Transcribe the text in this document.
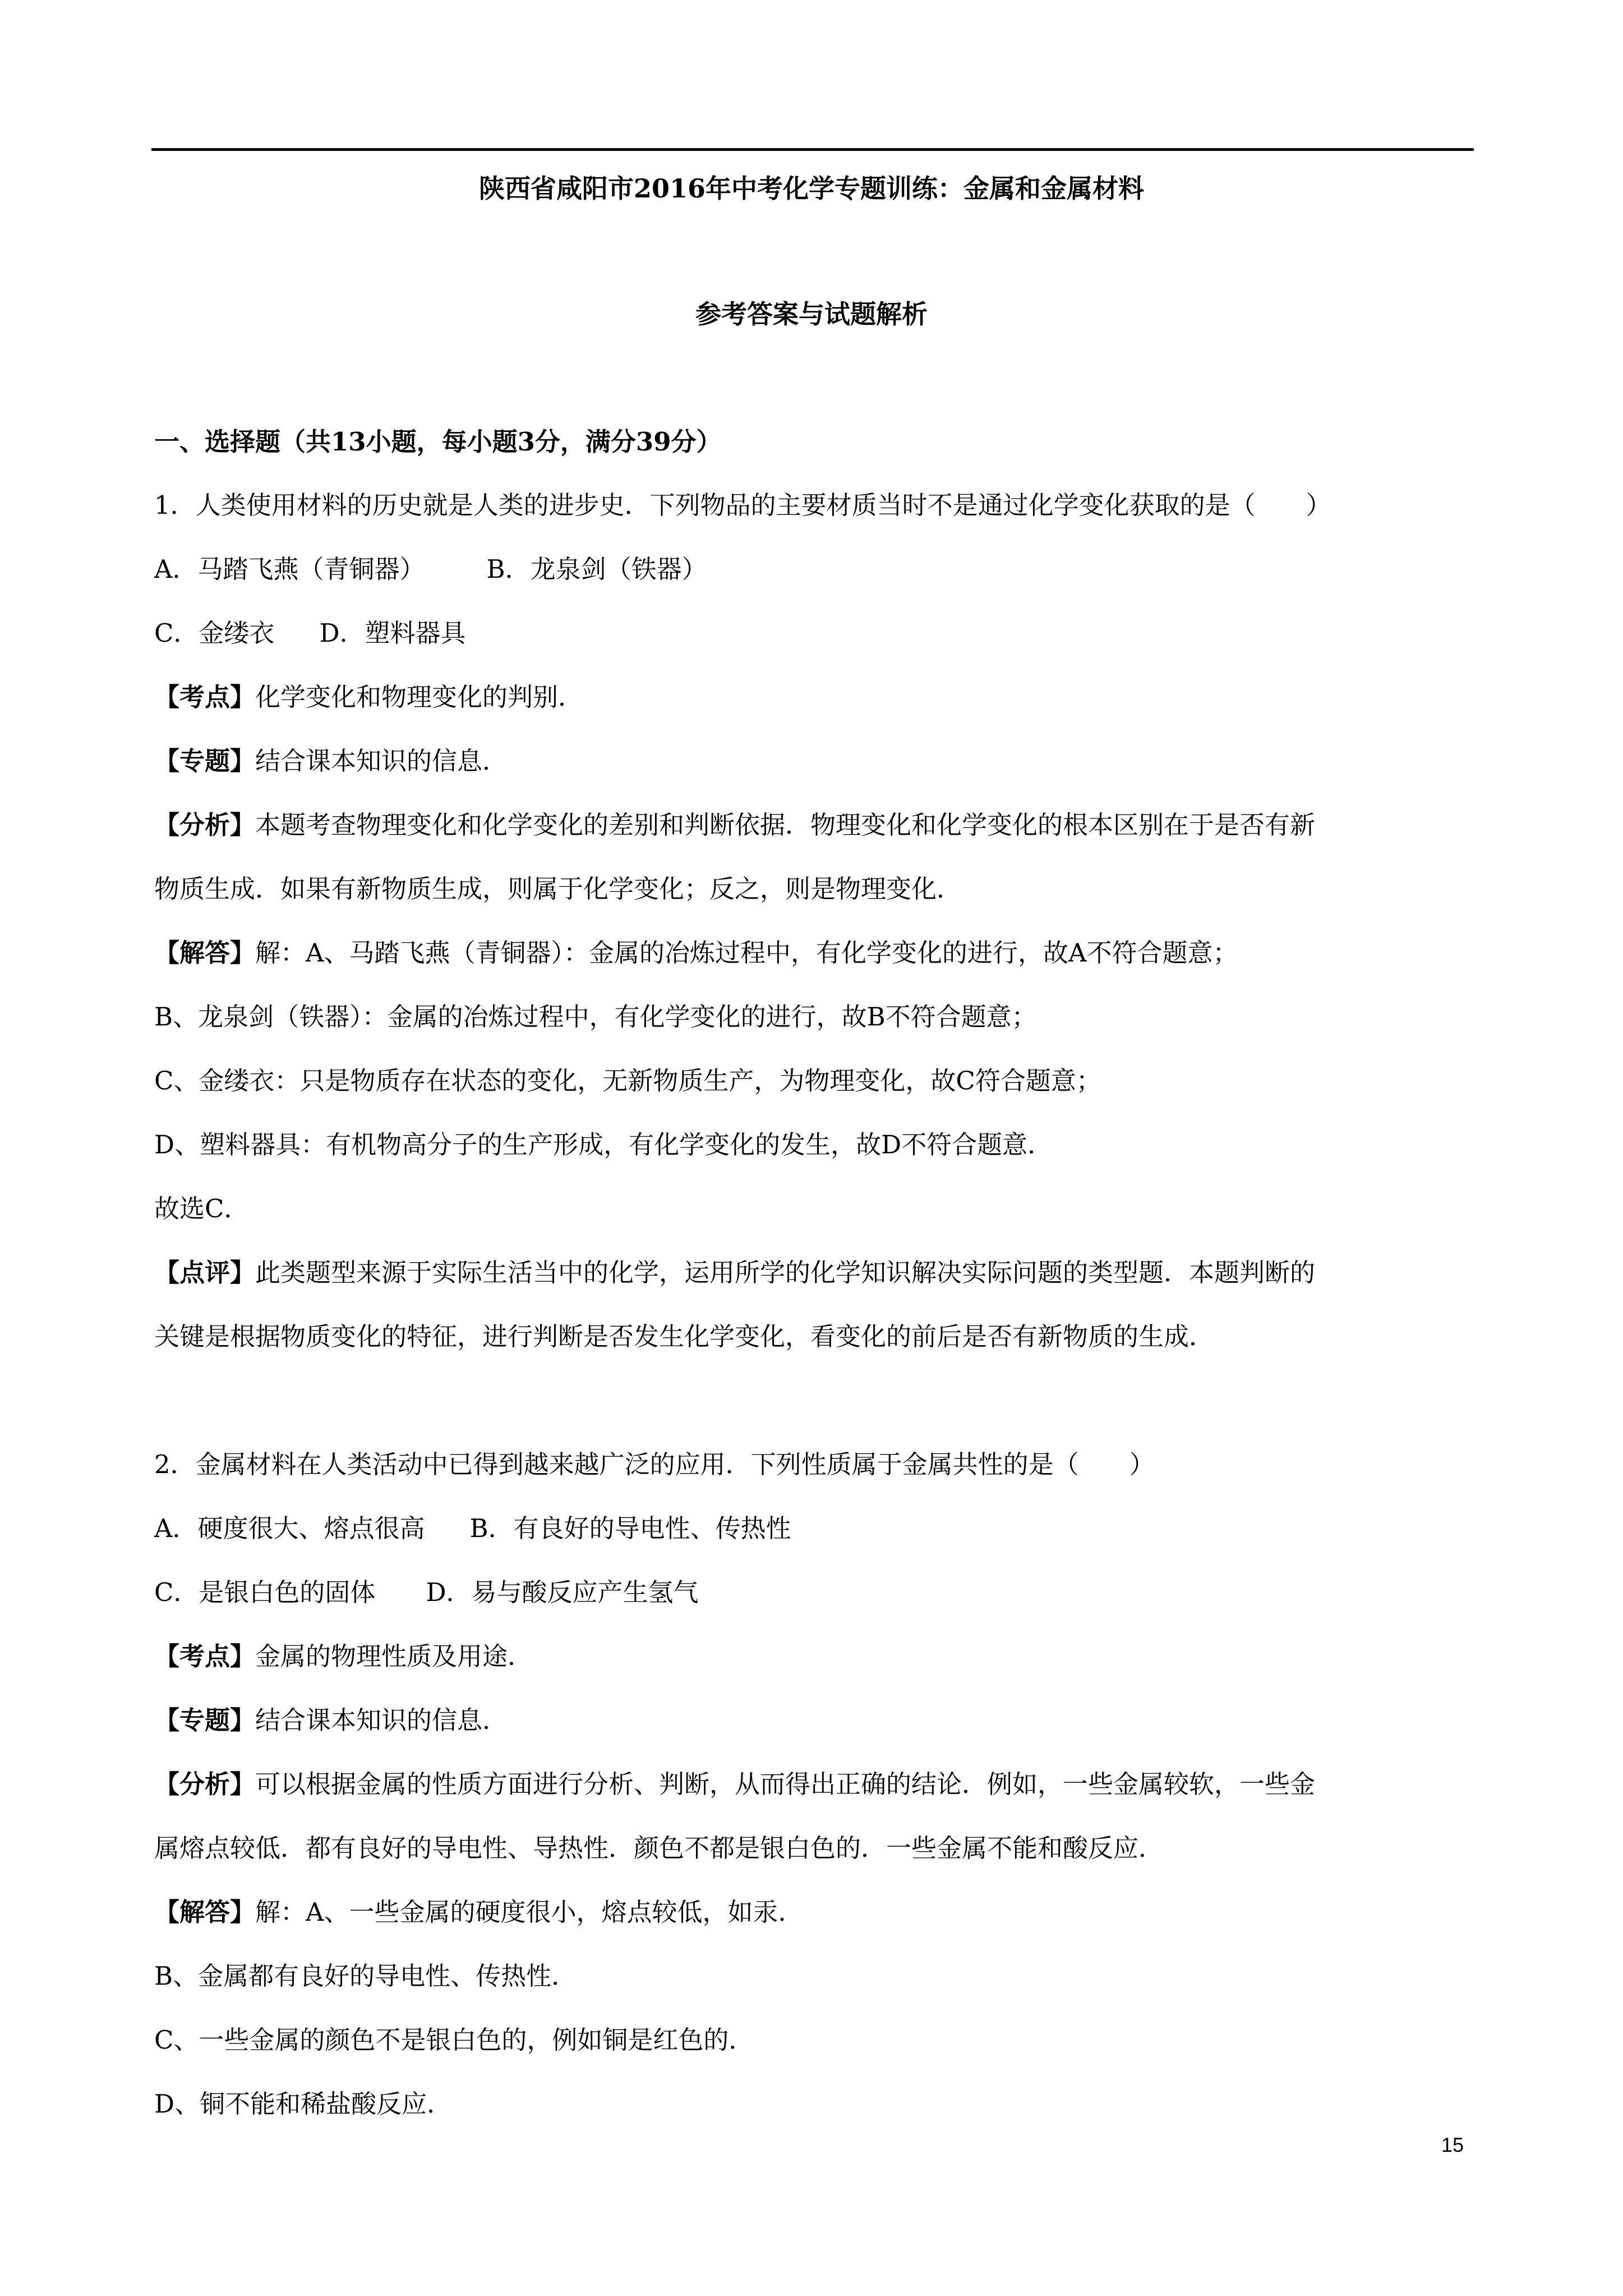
陕西省咸阳市2016年中考化学专题训练：金属和金属材料
参考答案与试题解析
一、选择题（共13小题，每小题3分，满分39分）
1．人类使用材料的历史就是人类的进步史．下列物品的主要材质当时不是通过化学变化获取的是（　　）
A．马踏飞燕（青铜器） B．龙泉剑（铁器）
C．金缕衣 D．塑料器具
【考点】化学变化和物理变化的判别．
【专题】结合课本知识的信息．
【分析】本题考查物理变化和化学变化的差别和判断依据．物理变化和化学变化的根本区别在于是否有新
物质生成．如果有新物质生成，则属于化学变化；反之，则是物理变化．
【解答】解：A、马踏飞燕（青铜器）：金属的冶炼过程中，有化学变化的进行，故A不符合题意；
B、龙泉剑（铁器）：金属的冶炼过程中，有化学变化的进行，故B不符合题意；
C、金缕衣：只是物质存在状态的变化，无新物质生产，为物理变化，故C符合题意；
D、塑料器具：有机物高分子的生产形成，有化学变化的发生，故D不符合题意．
故选C．
【点评】此类题型来源于实际生活当中的化学，运用所学的化学知识解决实际问题的类型题．本题判断的
关键是根据物质变化的特征，进行判断是否发生化学变化，看变化的前后是否有新物质的生成．
2．金属材料在人类活动中已得到越来越广泛的应用．下列性质属于金属共性的是（　　）
A．硬度很大、熔点很高 B．有良好的导电性、传热性
C．是银白色的固体 D．易与酸反应产生氢气
【考点】金属的物理性质及用途．
【专题】结合课本知识的信息．
【分析】可以根据金属的性质方面进行分析、判断，从而得出正确的结论．例如，一些金属较软，一些金
属熔点较低．都有良好的导电性、导热性．颜色不都是银白色的．一些金属不能和酸反应．
【解答】解：A、一些金属的硬度很小，熔点较低，如汞．
B、金属都有良好的导电性、传热性．
C、一些金属的颜色不是银白色的，例如铜是红色的．
D、铜不能和稀盐酸反应．
15
